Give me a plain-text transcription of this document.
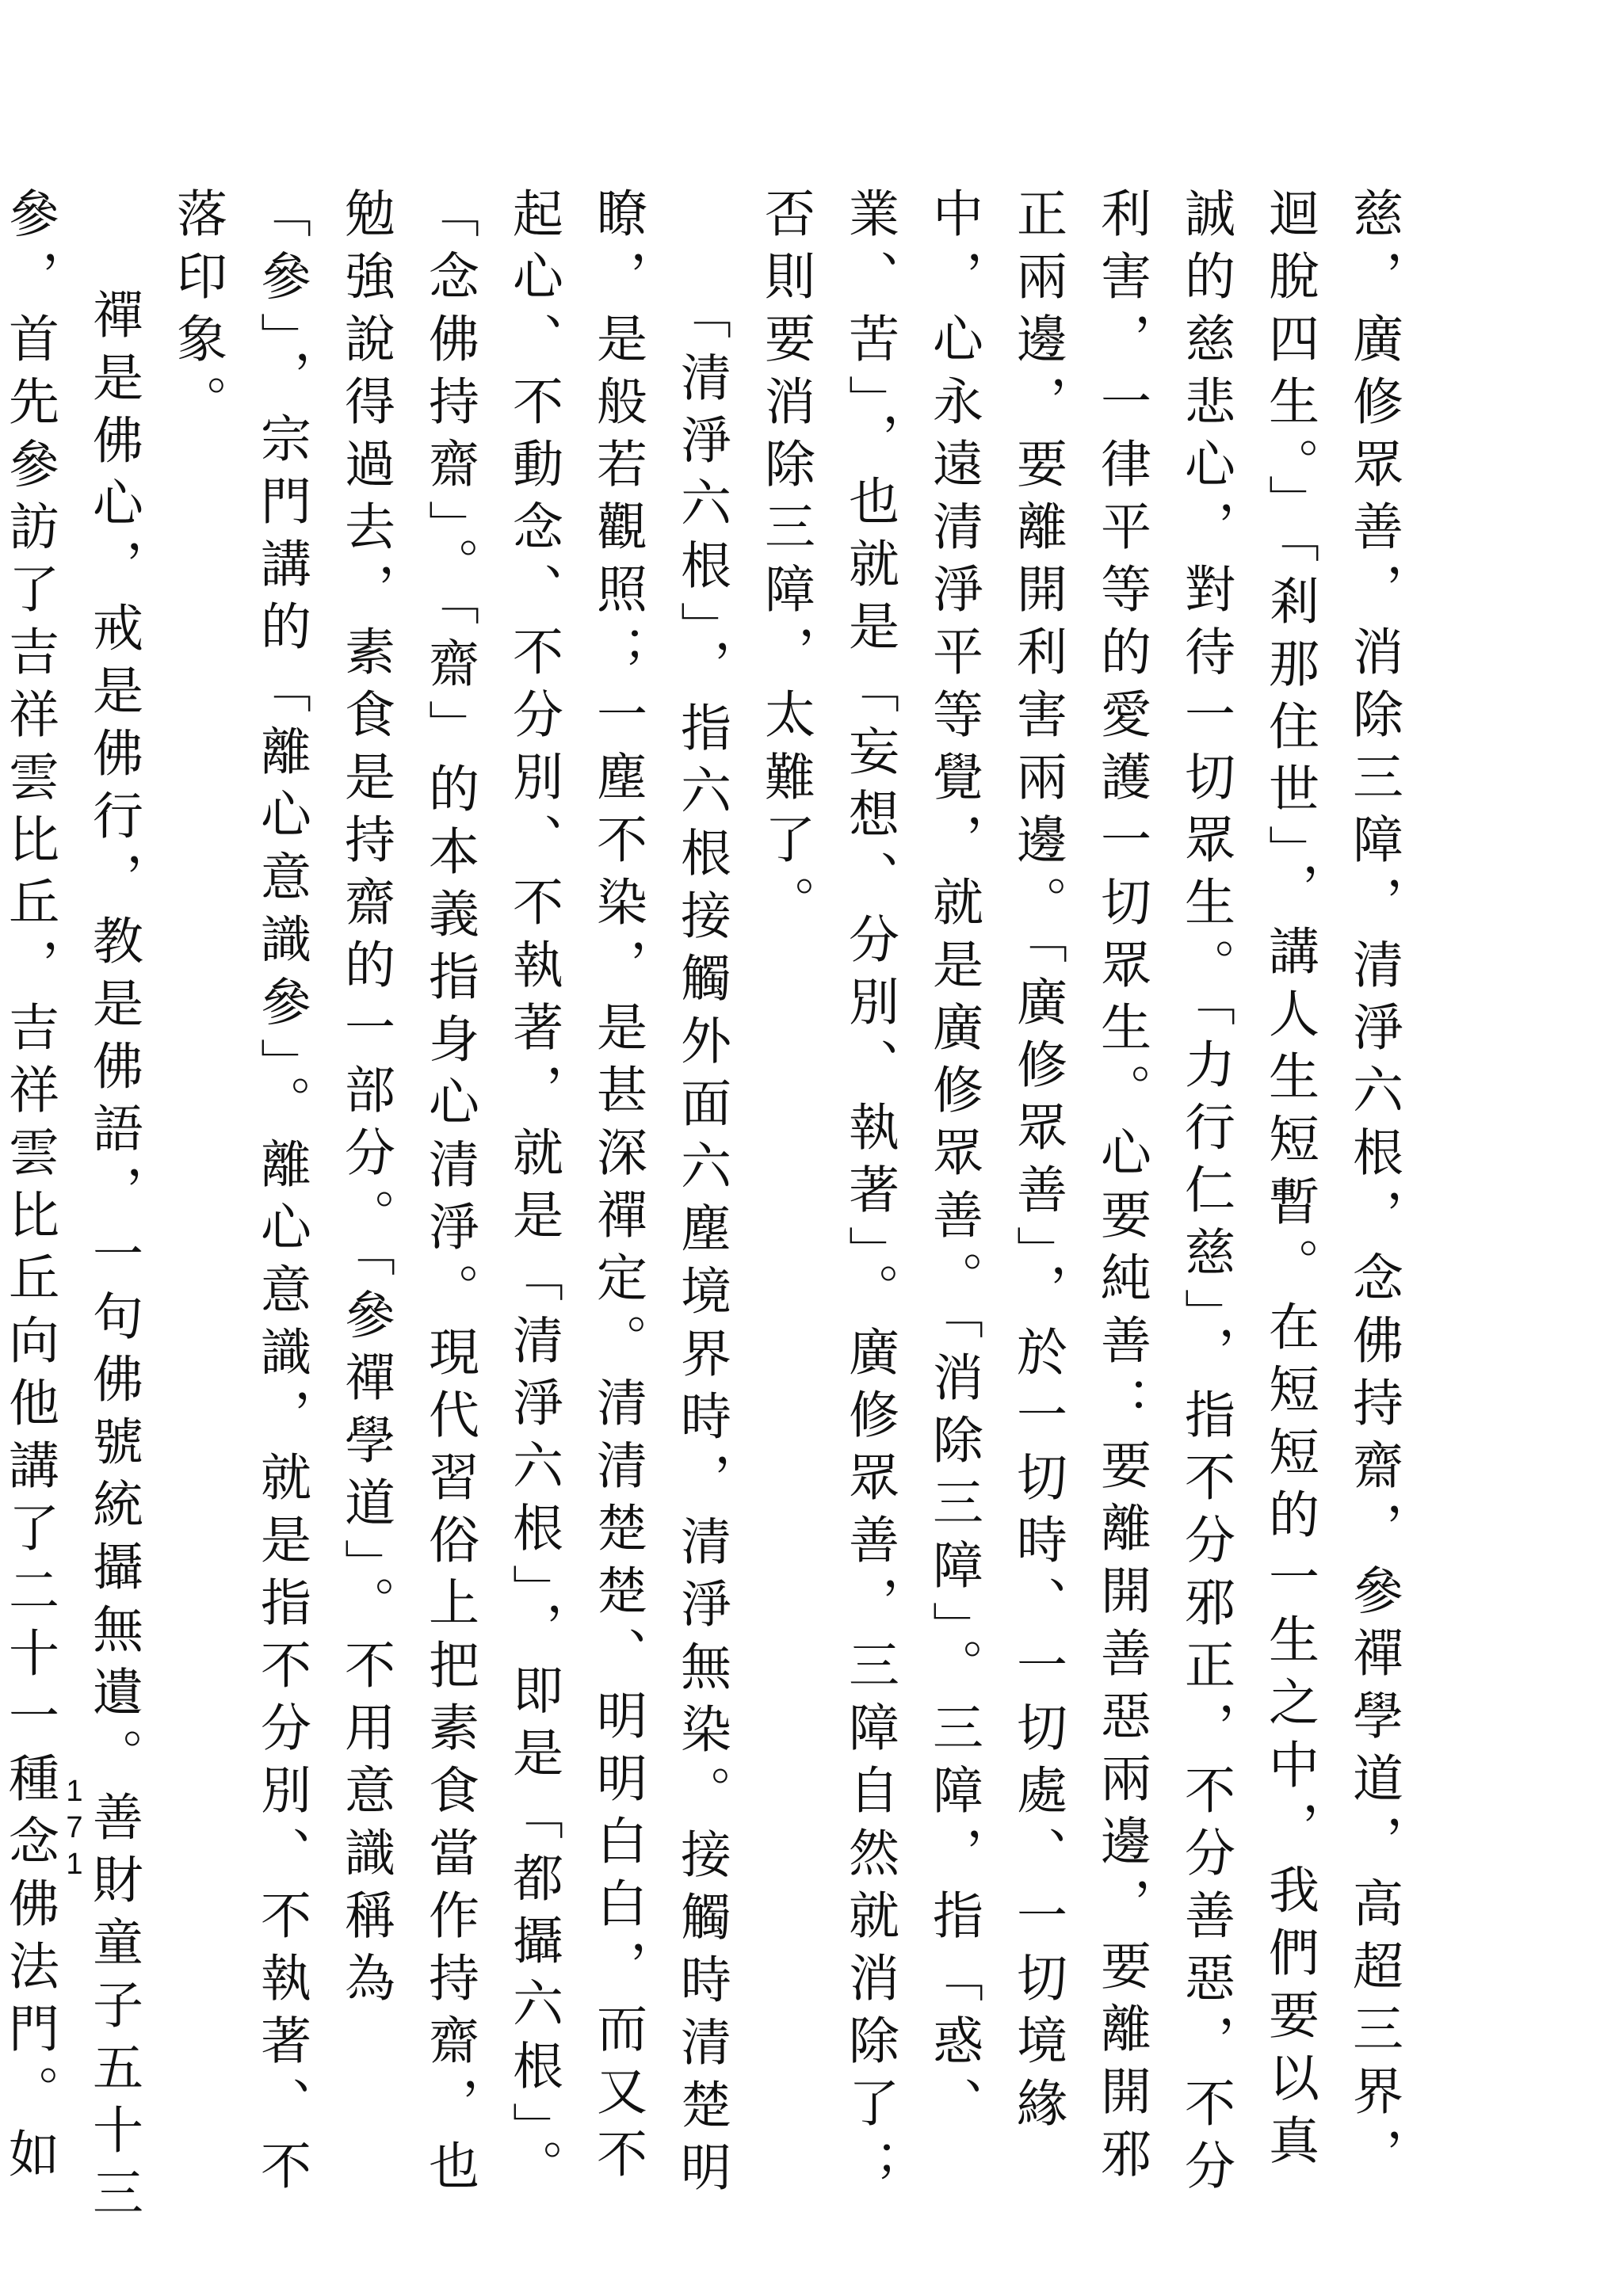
慈，廣修眾善，消除三障，清淨六根，念佛持齋，參禪學道，高超三界，迴脫四生。」「剎那住世」，講人生短暫。在短短的一生之中，我們要以真誠的慈悲心，對待一切眾生。「力行仁慈」，指不分邪正，不分善惡，不分利害，一律平等的愛護一切眾生。心要純善：要離開善惡兩邊，要離開邪正兩邊，要離開利害兩邊。「廣修眾善」，於一切時、一切處、一切境緣中，心永遠清淨平等覺，就是廣修眾善。「消除三障」。三障，指「惑、業、苦」，也就是「妄想、分別、執著」。廣修眾善，三障自然就消除了；否則要消除三障，太難了。

「清淨六根」，指六根接觸外面六塵境界時，清淨無染。接觸時清楚明瞭，是般若觀照；一塵不染，是甚深禪定。清清楚楚、明明白白，而又不起心、不動念、不分別、不執著，就是「清淨六根」，即是「都攝六根」。「念佛持齋」。「齋」的本義指身心清淨。現代習俗上把素食當作持齋，也勉強說得過去，素食是持齋的一部分。「參禪學道」。不用意識稱為「參」，宗門講的「離心意識參」。離心意識，就是指不分別、不執著、不落印象。

禪是佛心，戒是佛行，教是佛語，一句佛號統攝無遺。善財童子五十三參，首先參訪了吉祥雲比丘，吉祥雲比丘向他講了二十一種念佛法門。如

171
